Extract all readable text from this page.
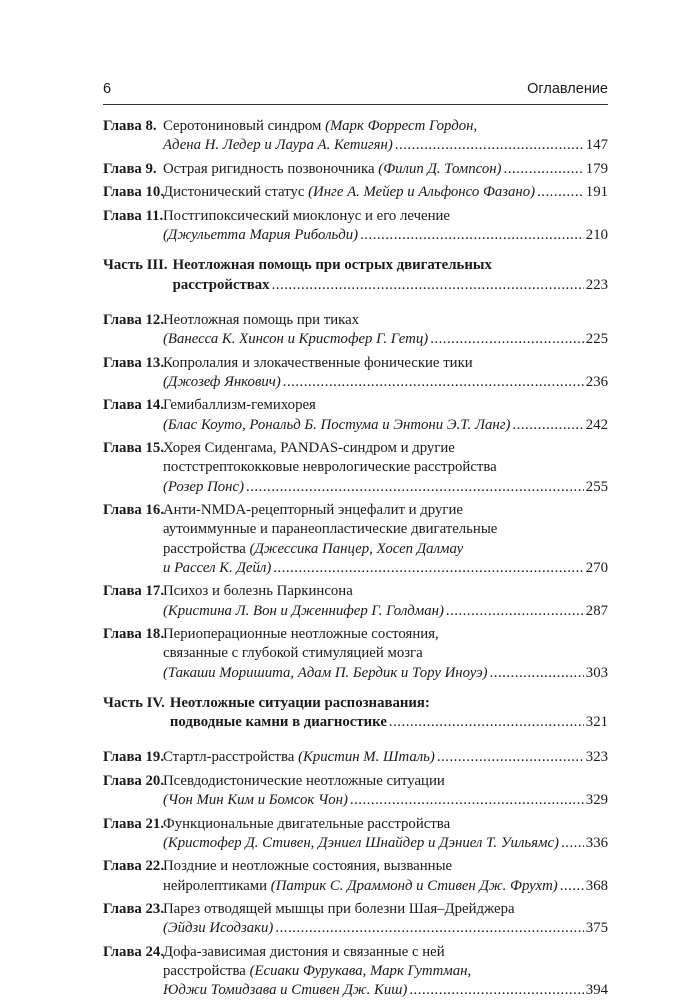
6	Оглавление
Глава 8. Серотониновый синдром (Марк Форрест Гордон,
Адена Н. Ледер и Лаура А. Кетигян) .....	147
Глава 9. Острая ригидность позвоночника (Филип Д. Томпсон) .....	179
Глава 10.
Дистонический статус (Инге А. Мейер и Альфонсо Фазано) .....	191
Глава 11. Постгипоксический миоклонус и его лечение
(Джульетта Мария Рибольди) .....	210
Часть III. Неотложная помощь при острых двигательных
расстройствах .....	223
Глава 12.
Неотложная помощь при тиках
(Ванесса К. Хинсон и Кристофер Г. Гетц) .....	225
Глава 13.
Копролалия и злокачественные фонические тики
(Джозеф Янкович) .....	236
Глава 14.
Гемибаллизм-гемихорея
(Блас Коуто, Рональд Б. Постума и Энтони Э.Т. Ланг) .....	242
Глава 15.
Хорея Сиденгама, PANDAS-синдром и другие
постстрептококковые неврологические расстройства
(Розер Понс) .....	255
Глава 16.
Анти-NMDA-рецепторный энцефалит и другие
аутоиммунные и паранеопластические двигательные
расстройства (Джессика Панцер, Хосеп Далмау
и Рассел К. Дейл) .....	270
Глава 17.
Психоз и болезнь Паркинсона
(Кристина Л. Вон и Дженнифер Г. Голдман) .....	287
Глава 18.
Периоперационные неотложные состояния,
связанные с глубокой стимуляцией мозга
(Такаши Моришита, Адам П. Бердик и Тору Иноуэ) .....	303
Часть IV. Неотложные ситуации распознавания:
подводные камни в диагностике .....	321
Глава 19.
Стартл-расстройства (Кристин М. Шталь) .....	323
Глава 20.
Псевдодистонические неотложные ситуации
(Чон Мин Ким и Бомсок Чон) .....	329
Глава 21.
Функциональные двигательные расстройства
(Кристофер Д. Стивен, Дэниел Шнайдер и Дэниел Т. Уильямс) ..... 336
Глава 22.
Поздние и неотложные состояния, вызванные
нейролептиками (Патрик С. Драммонд и Стивен Дж. Фрухт) ..... 368
Глава 23.
Парез отводящей мышцы при болезни Шая–Дрейджера
(Эйдзи Исодзаки) .....	375
Глава 24.
Дофа-зависимая дистония и связанные с ней
расстройства (Есиаки Фурукава, Марк Гуттман,
Юджи Томидзава и Стивен Дж. Киш) .....	394
